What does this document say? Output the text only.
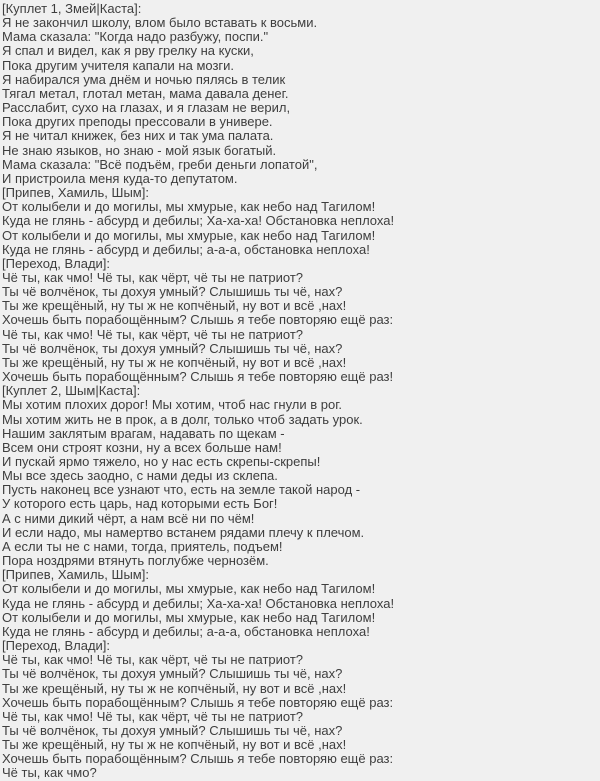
[Куплет 1, Змей|Каста]:
Я не закончил школу, влом было вставать к восьми.
Мама сказала: "Когда надо разбужу, поспи."
Я спал и видел, как я рву грелку на куски,
Пока другим учителя капали на мозги.
Я набирался ума днём и ночью пялясь в телик
Тягал метал, глотал метан, мама давала денег.
Расслабит, сухо на глазах, и я глазам не верил,
Пока других преподы прессовали в универе.
Я не читал книжек, без них и так ума палата.
Не знаю языков, но знаю - мой язык богатый.
Мама сказала: "Всё подъём, греби деньги лопатой",
И пристроила меня куда-то депутатом.
[Припев, Хамиль, Шым]:
От колыбели и до могилы, мы хмурые, как небо над Тагилом!
Куда не глянь - абсурд и дебилы; Ха-ха-ха! Обстановка неплоха!
От колыбели и до могилы, мы хмурые, как небо над Тагилом!
Куда не глянь - абсурд и дебилы; а-а-а, обстановка неплоха!
[Переход, Влади]:
Чё ты, как чмо! Чё ты, как чёрт, чё ты не патриот?
Ты чё волчёнок, ты дохуя умный? Слышишь ты чё, нах?
Ты же крещёный, ну ты ж не копчёный, ну вот и всё ,нах!
Хочешь быть порабощённым? Слышь я тебе повторяю ещё раз:
Чё ты, как чмо! Чё ты, как чёрт, чё ты не патриот?
Ты чё волчёнок, ты дохуя умный? Слышишь ты чё, нах?
Ты же крещёный, ну ты ж не копчёный, ну вот и всё ,нах!
Хочешь быть порабощённым? Слышь я тебе повторяю ещё раз!
[Куплет 2, Шым|Каста]:
Мы хотим плохих дорог! Мы хотим, чтоб нас гнули в рог.
Мы хотим жить не в прок, а в долг, только чтоб задать урок.
Нашим заклятым врагам, надавать по щекам -
Всем они строят козни, ну а всех больше нам!
И пускай ярмо тяжело, но у нас есть скрепы-скрепы!
Мы все здесь заодно, с нами деды из склепа.
Пусть наконец все узнают что, есть на земле такой народ -
У которого есть царь, над которыми есть Бог!
А с ними дикий чёрт, а нам всё ни по чём!
И если надо, мы намертво встанем рядами плечу к плечом.
А если ты не с нами, тогда, приятель, подъем!
Пора ноздрями втянуть поглубже чернозём.
[Припев, Хамиль, Шым]:
От колыбели и до могилы, мы хмурые, как небо над Тагилом!
Куда не глянь - абсурд и дебилы; Ха-ха-ха! Обстановка неплоха!
От колыбели и до могилы, мы хмурые, как небо над Тагилом!
Куда не глянь - абсурд и дебилы; а-а-а, обстановка неплоха!
[Переход, Влади]:
Чё ты, как чмо! Чё ты, как чёрт, чё ты не патриот?
Ты чё волчёнок, ты дохуя умный? Слышишь ты чё, нах?
Ты же крещёный, ну ты ж не копчёный, ну вот и всё ,нах!
Хочешь быть порабощённым? Слышь я тебе повторяю ещё раз:
Чё ты, как чмо! Чё ты, как чёрт, чё ты не патриот?
Ты чё волчёнок, ты дохуя умный? Слышишь ты чё, нах?
Ты же крещёный, ну ты ж не копчёный, ну вот и всё ,нах!
Хочешь быть порабощённым? Слышь я тебе повторяю ещё раз:
Чё ты, как чмо?
